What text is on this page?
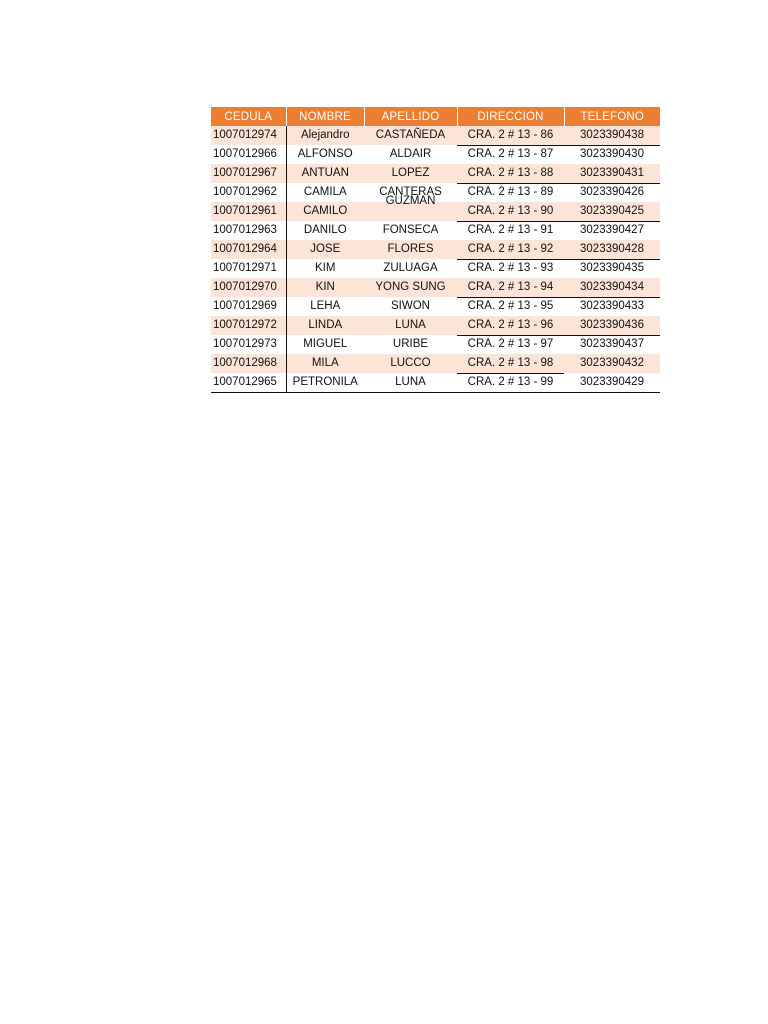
CEDULA	NOMBRE	APELLIDO	DIRECCION	TELEFONO
1007012974	Alejandro	CASTAÑEDA	CRA. 2 # 13 - 86	3023390438
1007012966	ALFONSO	ALDAIR	CRA. 2 # 13 - 87	3023390430
1007012967	ANTUAN	LOPEZ	CRA. 2 # 13 - 88	3023390431
1007012962	CAMILA	CANTERAS
GUZMAN	CRA. 2 # 13 - 89	3023390426
1007012961	CAMILO		CRA. 2 # 13 - 90	3023390425
1007012963	DANILO	FONSECA	CRA. 2 # 13 - 91	3023390427
1007012964	JOSE	FLORES	CRA. 2 # 13 - 92	3023390428
1007012971	KIM	ZULUAGA	CRA. 2 # 13 - 93	3023390435
1007012970	KIN	YONG SUNG	CRA. 2 # 13 - 94	3023390434
1007012969	LEHA	SIWON	CRA. 2 # 13 - 95	3023390433
1007012972	LINDA	LUNA	CRA. 2 # 13 - 96	3023390436
1007012973	MIGUEL	URIBE	CRA. 2 # 13 - 97	3023390437
1007012968	MILA	LUCCO	CRA. 2 # 13 - 98	3023390432
1007012965	PETRONILA	LUNA	CRA. 2 # 13 - 99	3023390429
